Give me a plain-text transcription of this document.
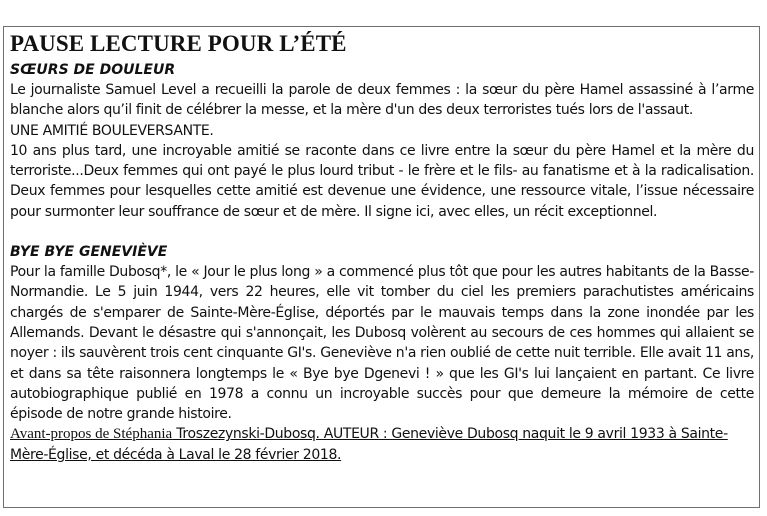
PAUSE LECTURE POUR L’ÉTÉ

SŒURS DE DOULEUR

Le journaliste Samuel Level a recueilli la parole de deux femmes : la sœur du père Hamel assassiné à l’arme blanche alors qu’il finit de célébrer la messe, et la mère d'un des deux terroristes tués lors de l'assaut.

UNE AMITIÉ BOULEVERSANTE.

10 ans plus tard, une incroyable amitié se raconte dans ce livre entre la sœur du père Hamel et la mère du terroriste...Deux femmes qui ont payé le plus lourd tribut - le frère et le fils- au fanatisme et à la radicalisation. Deux femmes pour lesquelles cette amitié est devenue une évidence, une ressource vitale, l’issue nécessaire pour surmonter leur souffrance de sœur et de mère. Il signe ici, avec elles, un récit exceptionnel.

BYE BYE GENEVIÈVE

Pour la famille Dubosq*, le « Jour le plus long » a commencé plus tôt que pour les autres habitants de la Basse-Normandie. Le 5 juin 1944, vers 22 heures, elle vit tomber du ciel les premiers parachutistes américains chargés de s'emparer de Sainte-Mère-Église, déportés par le mauvais temps dans la zone inondée par les Allemands. Devant le désastre qui s'annonçait, les Dubosq volèrent au secours de ces hommes qui allaient se noyer : ils sauvèrent trois cent cinquante GI's. Geneviève n'a rien oublié de cette nuit terrible. Elle avait 11 ans, et dans sa tête raisonnera longtemps le « Bye bye Dgenevi ! » que les GI's lui lançaient en partant. Ce livre autobiographique publié en 1978 a connu un incroyable succès pour que demeure la mémoire de cette épisode de notre grande histoire.

Avant-propos de Stéphania Troszezynski-Dubosq. AUTEUR : Geneviève Dubosq naquit le 9 avril 1933 à Sainte-Mère-Église, et décéda à Laval le 28 février 2018.
